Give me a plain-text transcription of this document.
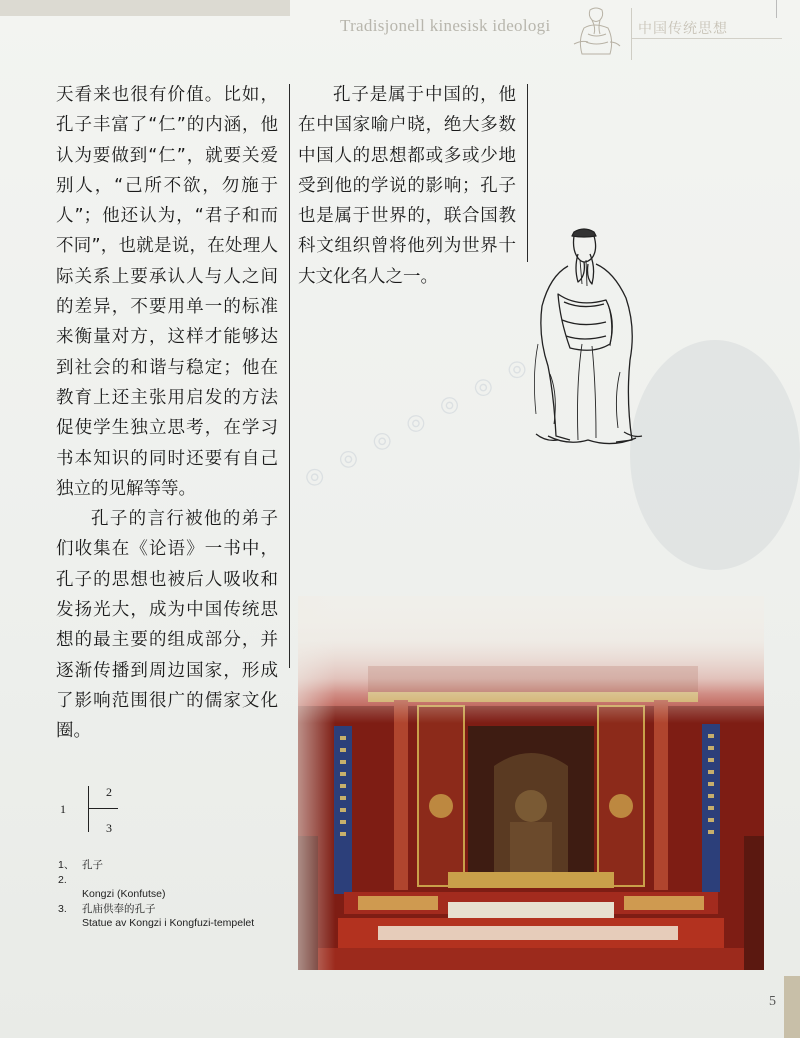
Tradisjonell kinesisk ideologi	中国传统思想

天看来也很有价值。比如，孔子丰富了“仁”的内涵，他认为要做到“仁”，就要关爱别人，“己所不欲，勿施于人”；他还认为，“君子和而不同”，也就是说，在处理人际关系上要承认人与人之间的差异，不要用单一的标准来衡量对方，这样才能够达到社会的和谐与稳定；他在教育上还主张用启发的方法促使学生独立思考，在学习书本知识的同时还要有自己独立的见解等等。

孔子的言行被他的弟子们收集在《论语》一书中，孔子的思想也被后人吸收和发扬光大，成为中国传统思想的最主要的组成部分，并逐渐传播到周边国家，形成了影响范围很广的儒家文化圈。

孔子是属于中国的，他在中国家喻户晓，绝大多数中国人的思想都或多或少地受到他的学说的影响；孔子也是属于世界的，联合国教科文组织曾将他列为世界十大文化名人之一。

◎ ◎ ◎ ◎ ◎ ◎ ◎
1
2
3
1、2.
孔子
Kongzi (Konfutse)
3.	孔庙供奉的孔子
Statue av Kongzi i Kongfuzi-tempelet
5
